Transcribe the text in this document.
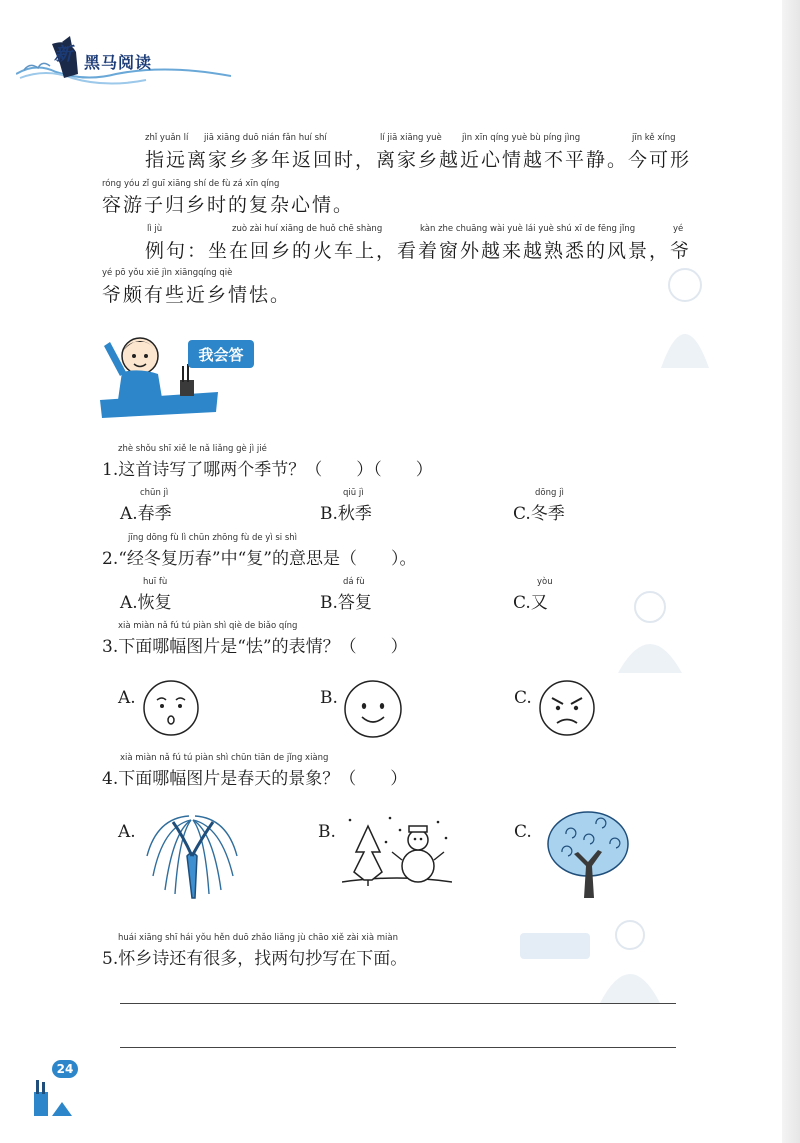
新 黑马阅读
zhǐ yuǎn lí jiā xiāng duō nián fǎn huí shí	lí jiā xiāng yuè jìn xīn qíng yuè bù píng jìng	jīn kě xíng
指远离家乡多年返回时，离家乡越近心情越不平静。今可形
róng yóu zǐ guī xiāng shí de fù zá xīn qíng
容游子归乡时的复杂心情。
lì jù	zuò zài huí xiāng de huǒ chē shàng	kàn zhe chuāng wài yuè lái yuè shú xī de fēng jǐng	yé
例句：坐在回乡的火车上，看着窗外越来越熟悉的风景，爷
yé pō yǒu xiē jìn xiāngqíng qiè
爷颇有些近乡情怯。
我会答
zhè shǒu shī xiě le nǎ liǎng gè jì jié
1.这首诗写了哪两个季节？（　　）（　　）
chūn jì
A.春季
qiū jì
B.秋季
dōng jì
C.冬季
jīng dōng fù lì chūn zhōng fù de yì si shì
2.“经冬复历春”中“复”的意思是（　　）。
huī fù
A.恢复
dá fù
B.答复
yòu
C.又
xià miàn nǎ fú tú piàn shì qiè de biǎo qíng
3.下面哪幅图片是“怯”的表情？（　　）
A.	B.	C.
xià miàn nǎ fú tú piàn shì chūn tiān de jǐng xiàng
4.下面哪幅图片是春天的景象？（　　）
A.	B.	C.
huái xiāng shī hái yǒu hěn duō zhǎo liǎng jù chāo xiě zài xià miàn
5.怀乡诗还有很多，找两句抄写在下面。
24
